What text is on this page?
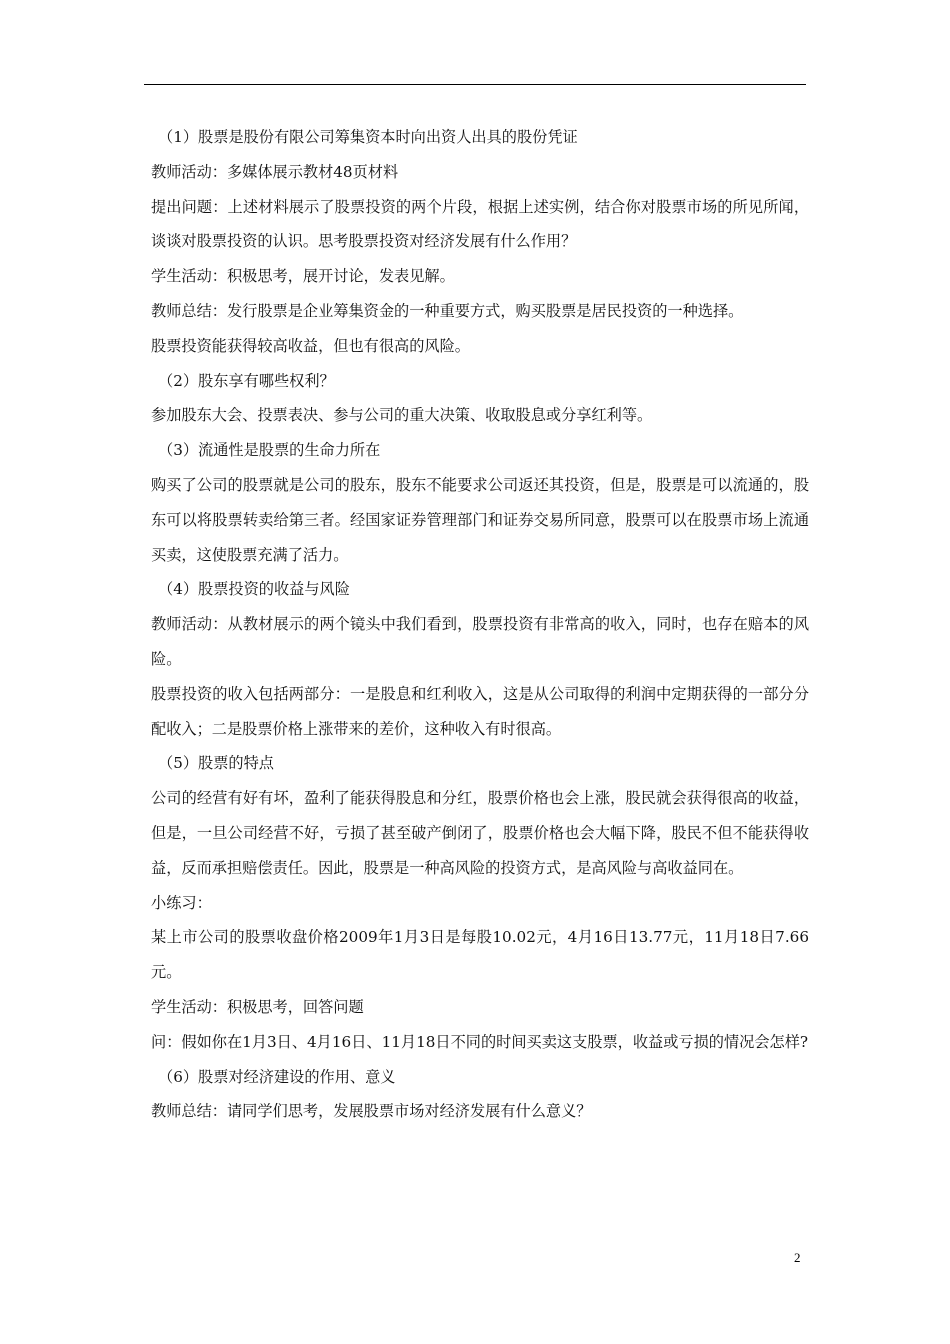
（1）股票是股份有限公司筹集资本时向出资人出具的股份凭证

教师活动：多媒体展示教材48页材料

提出问题：上述材料展示了股票投资的两个片段，根据上述实例，结合你对股票市场的所见所闻，谈谈对股票投资的认识。思考股票投资对经济发展有什么作用？

学生活动：积极思考，展开讨论，发表见解。

教师总结：发行股票是企业筹集资金的一种重要方式，购买股票是居民投资的一种选择。

股票投资能获得较高收益，但也有很高的风险。

（2）股东享有哪些权利？

参加股东大会、投票表决、参与公司的重大决策、收取股息或分享红利等。

（3）流通性是股票的生命力所在

购买了公司的股票就是公司的股东，股东不能要求公司返还其投资，但是，股票是可以流通的，股东可以将股票转卖给第三者。经国家证券管理部门和证券交易所同意，股票可以在股票市场上流通买卖，这使股票充满了活力。

（4）股票投资的收益与风险

教师活动：从教材展示的两个镜头中我们看到，股票投资有非常高的收入，同时，也存在赔本的风险。

股票投资的收入包括两部分：一是股息和红利收入，这是从公司取得的利润中定期获得的一部分分配收入；二是股票价格上涨带来的差价，这种收入有时很高。

（5）股票的特点

公司的经营有好有坏，盈利了能获得股息和分红，股票价格也会上涨，股民就会获得很高的收益，但是，一旦公司经营不好，亏损了甚至破产倒闭了，股票价格也会大幅下降，股民不但不能获得收益，反而承担赔偿责任。因此，股票是一种高风险的投资方式，是高风险与高收益同在。

小练习：

某上市公司的股票收盘价格2009年1月3日是每股10.02元，4月16日13.77元，11月18日7.66元。

学生活动：积极思考，回答问题

问：假如你在1月3日、4月16日、11月18日不同的时间买卖这支股票，收益或亏损的情况会怎样?

（6）股票对经济建设的作用、意义

教师总结：请同学们思考，发展股票市场对经济发展有什么意义？

2
